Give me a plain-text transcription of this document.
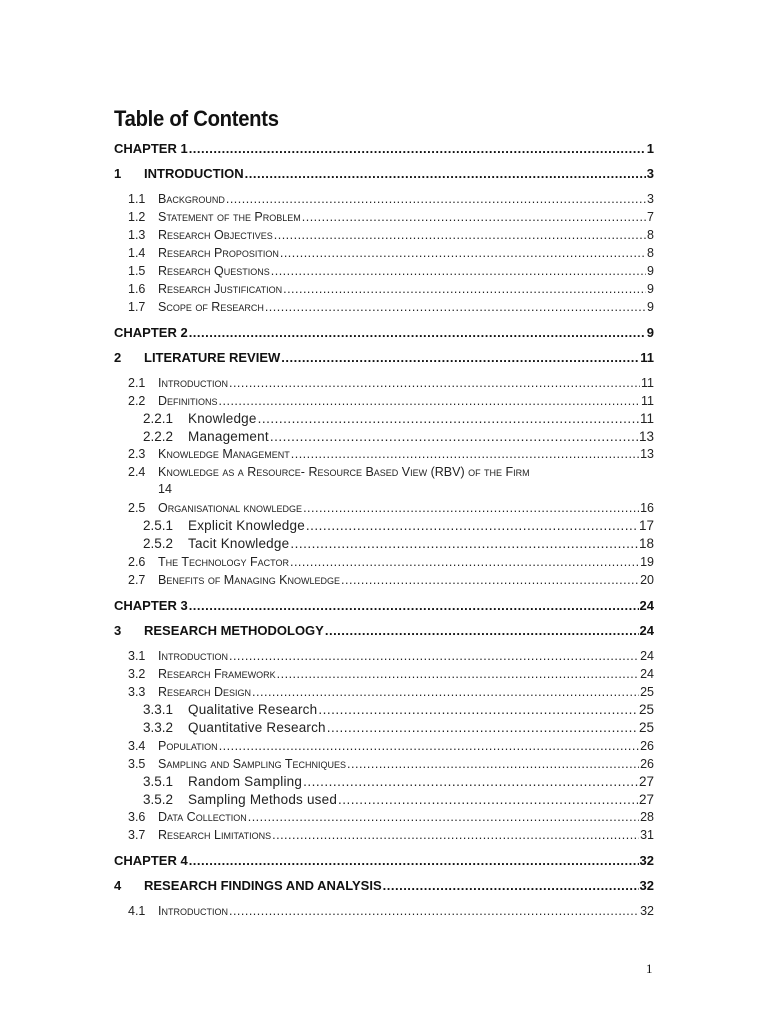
Table of Contents
CHAPTER 1 .....	1
1	INTRODUCTION .....	3
1.1	Background .....	3
1.2	Statement of the Problem .....	7
1.3	Research Objectives .....	8
1.4	Research Proposition .....	8
1.5	Research Questions .....	9
1.6	Research Justification .....	9
1.7	Scope of Research .....	9
CHAPTER 2 .....	9
2	LITERATURE REVIEW .....	11
2.1	Introduction .....	11
2.2	Definitions .....	11
2.2.1	Knowledge .....	11
2.2.2	Management .....	13
2.3	Knowledge Management .....	13
2.4 Knowledge as a Resource- Resource Based View (RBV) of the Firm
14
2.5	Organisational knowledge .....	16
2.5.1	Explicit Knowledge .....	17
2.5.2	Tacit Knowledge .....	18
2.6	The Technology Factor .....	19
2.7	Benefits of Managing Knowledge .....	20
CHAPTER 3 .....	24
3	RESEARCH METHODOLOGY .....	24
3.1	Introduction .....	24
3.2	Research Framework .....	24
3.3	Research Design .....	25
3.3.1	Qualitative Research .....	25
3.3.2	Quantitative Research .....	25
3.4	Population .....	26
3.5	Sampling and Sampling Techniques .....	26
3.5.1	Random Sampling .....	27
3.5.2	Sampling Methods used .....	27
3.6	Data Collection .....	28
3.7	Research Limitations .....	31
CHAPTER 4 .....	32
4	RESEARCH FINDINGS AND ANALYSIS .....	32
4.1	Introduction .....	32
1
